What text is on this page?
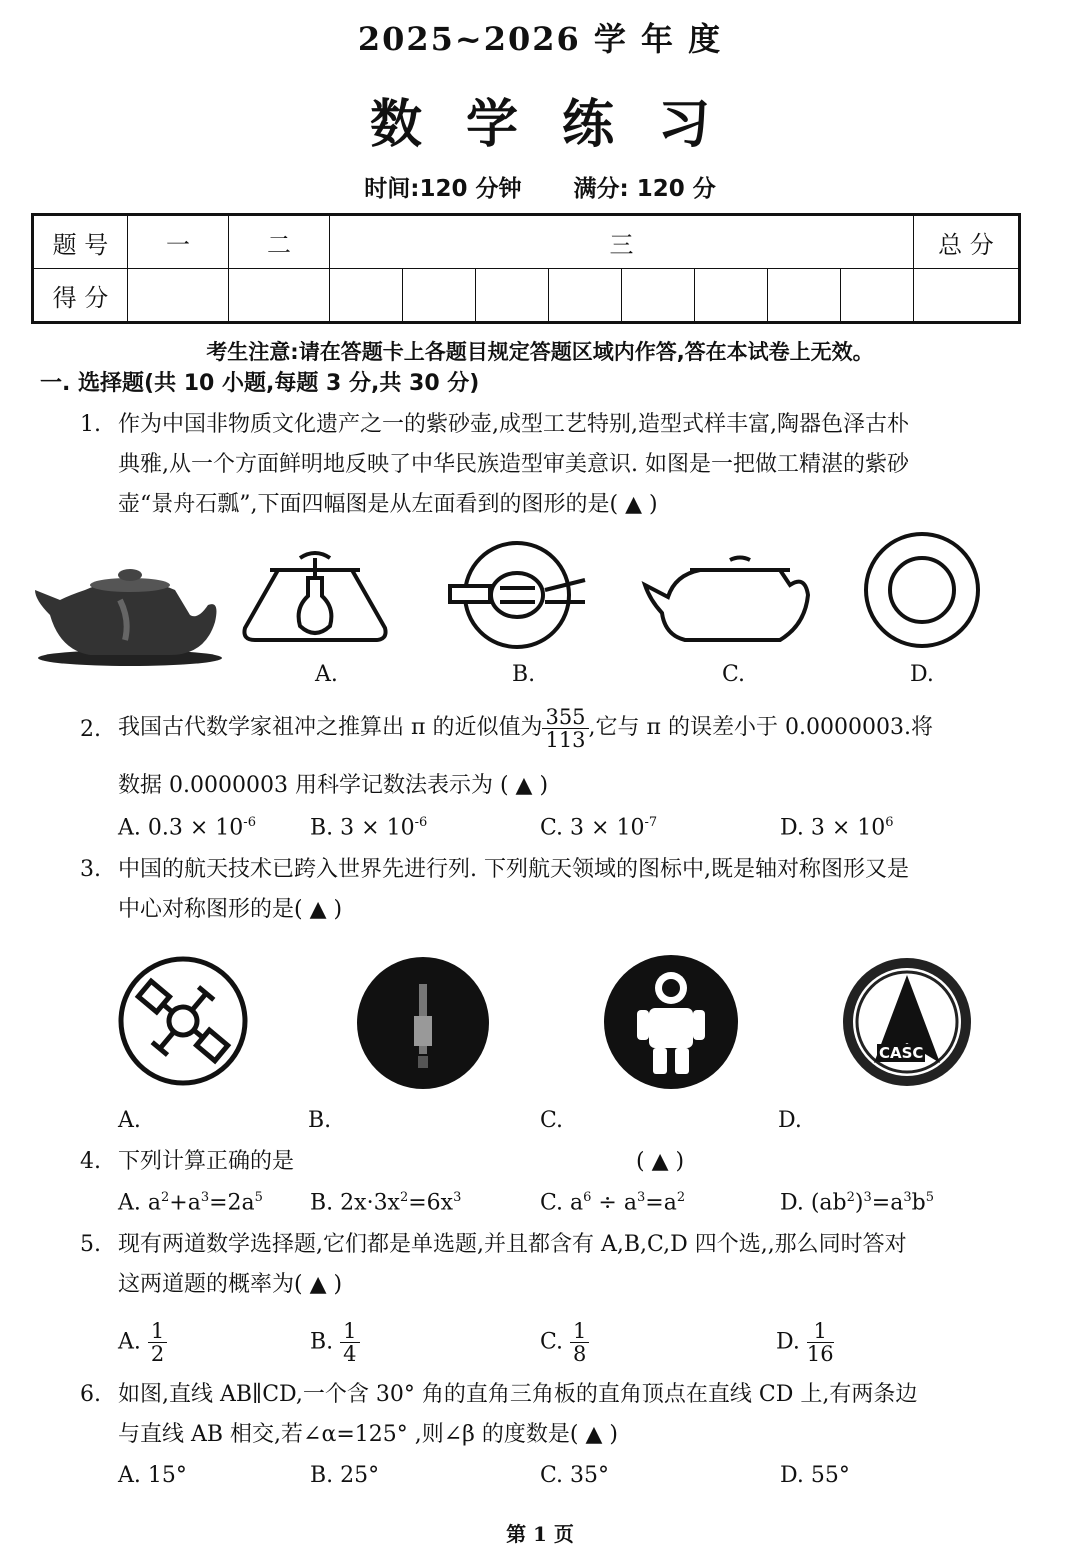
2025~2026 学 年 度
数学练习
时间:120 分钟 满分: 120 分
题 号	一	二	三								总 分
得 分											
考生注意:请在答题卡上各题目规定答题区域内作答,答在本试卷上无效。
一. 选择题(共 10 小题,每题 3 分,共 30 分)
1. 作为中国非物质文化遗产之一的紫砂壶,成型工艺特别,造型式样丰富,陶器色泽古朴
典雅,从一个方面鲜明地反映了中华民族造型审美意识. 如图是一把做工精湛的紫砂
壶“景舟石瓢”,下面四幅图是从左面看到的图形的是( ▲ )
A.	B.	C.	D.
2. 我国古代数学家祖冲之推算出 π 的近似值为 $\frac{355}{113}$ ,它与 π 的误差小于 0.0000003.将
数据 0.0000003 用科学记数法表示为 ( ▲ )
A. $0.3 \times 10^{-6}$ B. $3 \times 10^{-6}$	C. $3 \times 10^{-7}$	D. $3 \times 10^6$
3. 中国的航天技术已跨入世界先进行列. 下列航天领域的图标中,既是轴对称图形又是
中心对称图形的是( ▲ )
A.	B.	C.
CASC
D.
4. 下列计算正确的是	( ▲ )
A. $a^2+a^3=2a^5$ B. $2x\cdot 3x^2=6x^3$	C. $a^6 \div a^3=a^2$	D. $(ab^2)^3=a^3b^5$
5. 现有两道数学选择题,它们都是单选题,并且都含有 A,B,C,D 四个选,,那么同时答对
这两道题的概率为( ▲ )
A. $\frac{1}{2}$	B. $\frac{1}{4}$	C. $\frac{1}{8}$	D. $\frac{1}{16}$
6. 如图,直线 AB∥CD,一个含 30° 角的直角三角板的直角顶点在直线 CD 上,有两条边
与直线 AB 相交,若∠α=125° ,则∠β 的度数是( ▲ )
A. 15°	B. 25°	C. 35°	D. 55°
第 1 页
